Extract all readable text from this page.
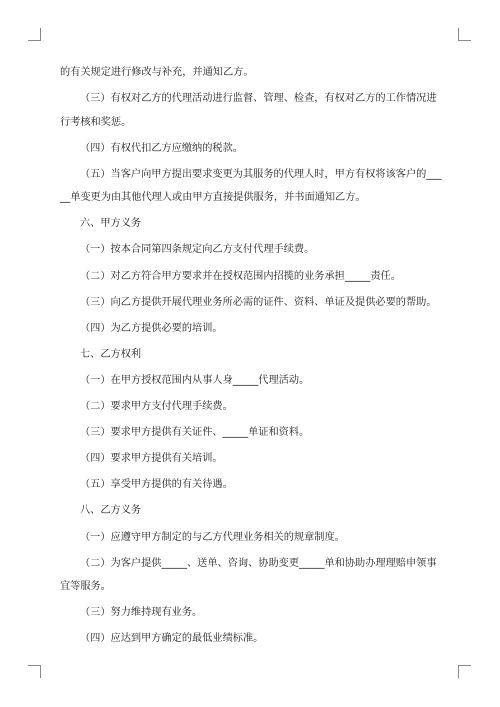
的有关规定进行修改与补充，并通知乙方。
（三）有权对乙方的代理活动进行监督、管理、检查，有权对乙方的工作情况进
行考核和奖惩。
（四）有权代扣乙方应缴纳的税款。
（五）当客户向甲方提出要求变更为其服务的代理人时，甲方有权将该客户的___
__单变更为由其他代理人或由甲方直接提供服务，并书面通知乙方。
六、甲方义务
（一）按本合同第四条规定向乙方支付代理手续费。
（二）对乙方符合甲方要求并在授权范围内招揽的业务承担_____责任。
（三）向乙方提供开展代理业务所必需的证件、资料、单证及提供必要的帮助。
（四）为乙方提供必要的培训。
七、乙方权利
（一）在甲方授权范围内从事人身_____代理活动。
（二）要求甲方支付代理手续费。
（三）要求甲方提供有关证件、_____单证和资料。
（四）要求甲方提供有关培训。
（五）享受甲方提供的有关待遇。
八、乙方义务
（一）应遵守甲方制定的与乙方代理业务相关的规章制度。
（二）为客户提供_____、送单、咨询、协助变更_____单和协助办理理赔申领事
宜等服务。
（三）努力维持现有业务。
（四）应达到甲方确定的最低业绩标准。
